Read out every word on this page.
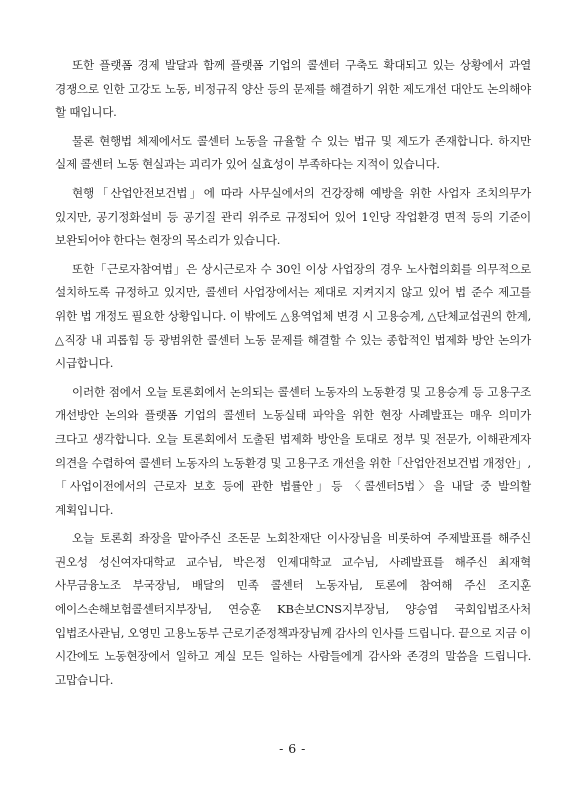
또한 플랫폼 경제 발달과 함께 플랫폼 기업의 콜센터 구축도 확대되고 있는 상황에서 과열 경쟁으로 인한 고강도 노동, 비정규직 양산 등의 문제를 해결하기 위한 제도개선 대안도 논의해야 할 때입니다.

물론 현행법 체제에서도 콜센터 노동을 규율할 수 있는 법규 및 제도가 존재합니다. 하지만 실제 콜센터 노동 현실과는 괴리가 있어 실효성이 부족하다는 지적이 있습니다.

현행「산업안전보건법」에 따라 사무실에서의 건강장해 예방을 위한 사업자 조치의무가 있지만, 공기정화설비 등 공기질 관리 위주로 규정되어 있어 1인당 작업환경 면적 등의 기준이 보완되어야 한다는 현장의 목소리가 있습니다.

또한「근로자참여법」은 상시근로자 수 30인 이상 사업장의 경우 노사협의회를 의무적으로 설치하도록 규정하고 있지만, 콜센터 사업장에서는 제대로 지켜지지 않고 있어 법 준수 제고를 위한 법 개정도 필요한 상황입니다. 이 밖에도 △용역업체 변경 시 고용승계, △단체교섭권의 한계, △직장 내 괴롭힘 등 광범위한 콜센터 노동 문제를 해결할 수 있는 종합적인 법제화 방안 논의가 시급합니다.

이러한 점에서 오늘 토론회에서 논의되는 콜센터 노동자의 노동환경 및 고용승계 등 고용구조 개선방안 논의와 플랫폼 기업의 콜센터 노동실태 파악을 위한 현장 사례발표는 매우 의미가 크다고 생각합니다. 오늘 토론회에서 도출된 법제화 방안을 토대로 정부 및 전문가, 이해관계자 의견을 수렴하여 콜센터 노동자의 노동환경 및 고용구조 개선을 위한「산업안전보건법 개정안」,「사업이전에서의 근로자 보호 등에 관한 법률안」등 〈콜센터5법〉을 내달 중 발의할 계획입니다.

오늘 토론회 좌장을 맡아주신 조돈문 노회찬재단 이사장님을 비롯하여 주제발표를 해주신 권오성 성신여자대학교 교수님, 박은정 인제대학교 교수님, 사례발표를 해주신 최재혁 사무금융노조 부국장님, 배달의 민족 콜센터 노동자님, 토론에 참여해 주신 조지훈 에이스손해보험콜센터지부장님, 연승훈 KB손보CNS지부장님, 양승엽 국회입법조사처 입법조사관님, 오영민 고용노동부 근로기준정책과장님께 감사의 인사를 드립니다. 끝으로 지금 이 시간에도 노동현장에서 일하고 계실 모든 일하는 사람들에게 감사와 존경의 말씀을 드립니다. 고맙습니다.

- 6 -
